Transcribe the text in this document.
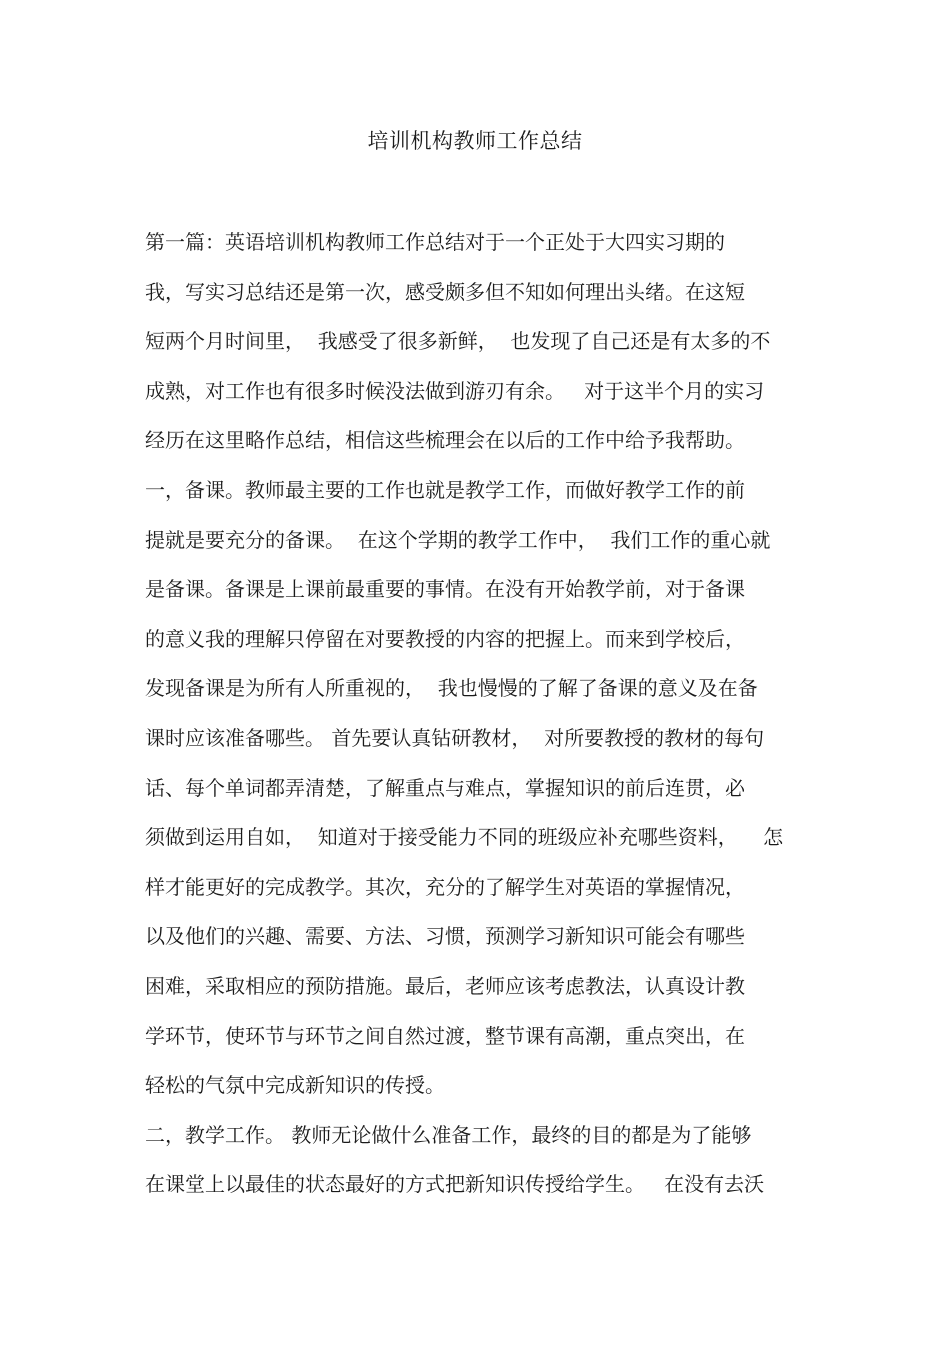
培训机构教师工作总结
第一篇：英语培训机构教师工作总结对于一个正处于大四实习期的
我，写实习总结还是第一次，感受颇多但不知如何理出头绪。在这短
短两个月时间里，  我感受了很多新鲜，  也发现了自己还是有太多的不
成熟，对工作也有很多时候没法做到游刃有余。   对于这半个月的实习
经历在这里略作总结，相信这些梳理会在以后的工作中给予我帮助。
一，备课。教师最主要的工作也就是教学工作，而做好教学工作的前
提就是要充分的备课。  在这个学期的教学工作中，  我们工作的重心就
是备课。备课是上课前最重要的事情。在没有开始教学前，对于备课
的意义我的理解只停留在对要教授的内容的把握上。而来到学校后，
发现备课是为所有人所重视的，  我也慢慢的了解了备课的意义及在备
课时应该准备哪些。 首先要认真钻研教材，  对所要教授的教材的每句
话、每个单词都弄清楚，了解重点与难点，掌握知识的前后连贯，必
须做到运用自如，  知道对于接受能力不同的班级应补充哪些资料，    怎
样才能更好的完成教学。其次，充分的了解学生对英语的掌握情况，
以及他们的兴趣、需要、方法、习惯，预测学习新知识可能会有哪些
困难，采取相应的预防措施。最后，老师应该考虑教法，认真设计教
学环节，使环节与环节之间自然过渡，整节课有高潮，重点突出，在
轻松的气氛中完成新知识的传授。
二，教学工作。 教师无论做什么准备工作，最终的目的都是为了能够
在课堂上以最佳的状态最好的方式把新知识传授给学生。   在没有去沃
